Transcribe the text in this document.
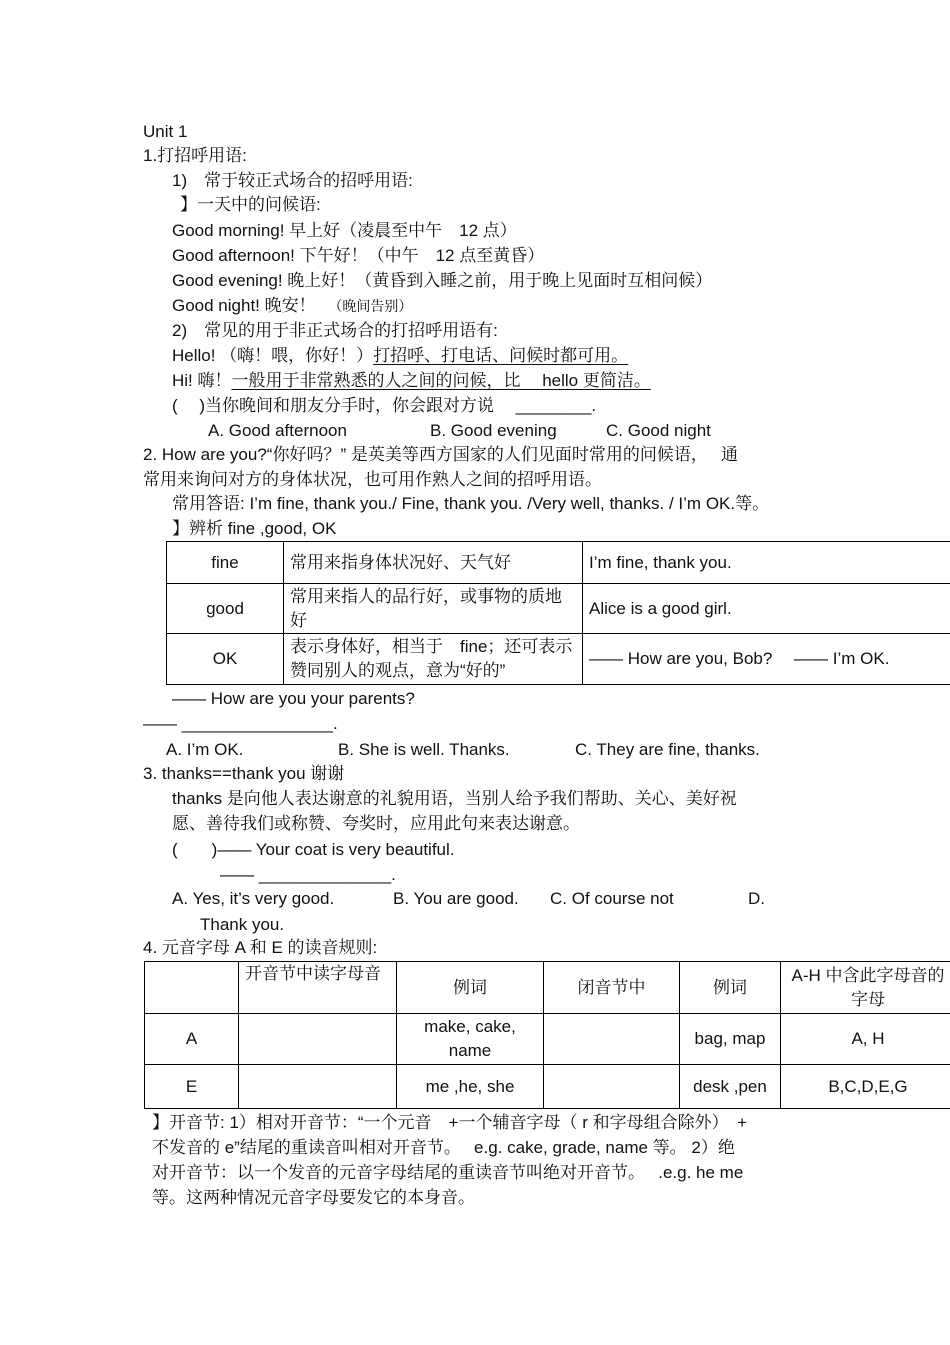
Unit 1
1.打招呼用语:
1)　常于较正式场合的招呼用语:
】一天中的问候语:
Good morning! 早上好（凌晨至中午　12 点）
Good afternoon! 下午好！（中午　12 点至黄昏）
Good evening! 晚上好！（黄昏到入睡之前，用于晚上见面时互相问候）
Good night! 晚安！ （晚间告别）
2)　常见的用于非正式场合的打招呼用语有:
Hello! （嗨！喂，你好！）打招呼、打电话、问候时都可用。
Hi! 嗨！一般用于非常熟悉的人之间的问候，比　 hello 更简洁。
(　 )当你晚间和朋友分手时，你会跟对方说　 ________.
A. Good afternoon	B. Good evening	C. Good night
2. How are you?“你好吗？” 是英美等西方国家的人们见面时常用的问候语，　 通
常用来询问对方的身体状况，也可用作熟人之间的招呼用语。
常用答语: I’m fine, thank you./ Fine, thank you. /Very well, thanks. / I’m OK.等。
】辨析 fine ,good, OK
fine	常用来指身体状况好、天气好	I’m fine, thank you.
good	常用来指人的品行好，或事物的质地好	Alice is a good girl.
OK	表示身体好，相当于　fine；还可表示赞同别人的观点，意为“好的”	—— How are you, Bob?　 —— I’m OK.
—— How are you your parents?
—— ________________.
A. I’m OK.	B. She is well. Thanks.	C. They are fine, thanks.
3. thanks==thank you 谢谢
thanks 是向他人表达谢意的礼貌用语，当别人给予我们帮助、关心、美好祝
愿、善待我们或称赞、夸奖时，应用此句来表达谢意。
(　　)—— Your coat is very beautiful.
—— ______________.
A. Yes, it’s very good.	B. You are good. C. Of course not	D.
Thank you.
4. 元音字母 A 和 E 的读音规则:
	开音节中读字母音	例词	闭音节中	例词	A-H 中含此字母音的字母
A		make, cake, name		bag, map	A, H
E		me ,he, she		desk ,pen	B,C,D,E,G
】开音节: 1）相对开音节：“一个元音　+一个辅音字母（ r 和字母组合除外）　+
不发音的 e”结尾的重读音叫相对开音节。　 e.g. cake, grade, name 等。 2）绝
对开音节：以一个发音的元音字母结尾的重读音节叫绝对开音节。　 .e.g. he me
等。这两种情况元音字母要发它的本身音。
